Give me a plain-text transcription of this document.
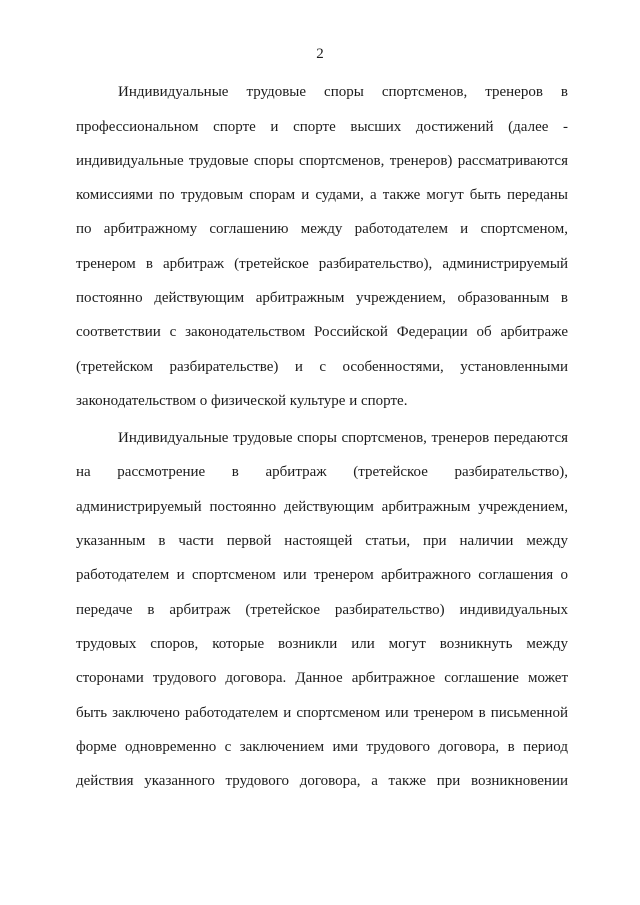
2
Индивидуальные трудовые споры спортсменов, тренеров в
профессиональном спорте и спорте высших достижений (далее -
индивидуальные трудовые споры спортсменов, тренеров) рассматриваются
комиссиями по трудовым спорам и судами, а также могут быть переданы
по арбитражному соглашению между работодателем и спортсменом,
тренером в арбитраж (третейское разбирательство), администрируемый
постоянно действующим арбитражным учреждением, образованным в
соответствии с законодательством Российской Федерации об арбитраже
(третейском разбирательстве) и с особенностями, установленными
законодательством о физической культуре и спорте.
Индивидуальные трудовые споры спортсменов, тренеров передаются
на рассмотрение в арбитраж (третейское разбирательство),
администрируемый постоянно действующим арбитражным учреждением,
указанным в части первой настоящей статьи, при наличии между
работодателем и спортсменом или тренером арбитражного соглашения о
передаче в арбитраж (третейское разбирательство) индивидуальных
трудовых споров, которые возникли или могут возникнуть между
сторонами трудового договора. Данное арбитражное соглашение может
быть заключено работодателем и спортсменом или тренером в письменной
форме одновременно с заключением ими трудового договора, в период
действия указанного трудового договора, а также при возникновении
